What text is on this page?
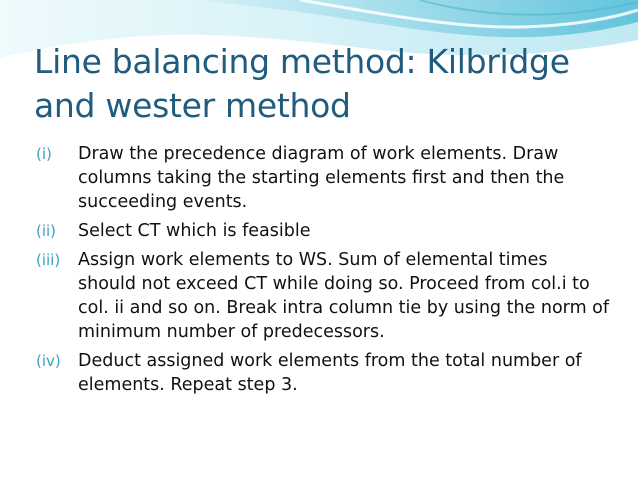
Line balancing method: Kilbridge
and wester method
(i) Draw the precedence diagram of work elements. Draw columns taking the starting elements first and then the succeeding events.
(ii) Select CT which is feasible
(iii) Assign work elements to WS. Sum of elemental times should not exceed CT while doing so. Proceed from col.i to col. ii and so on. Break intra column tie by using the norm of minimum number of predecessors.
(iv) Deduct assigned work elements from the total number of elements. Repeat step 3.
